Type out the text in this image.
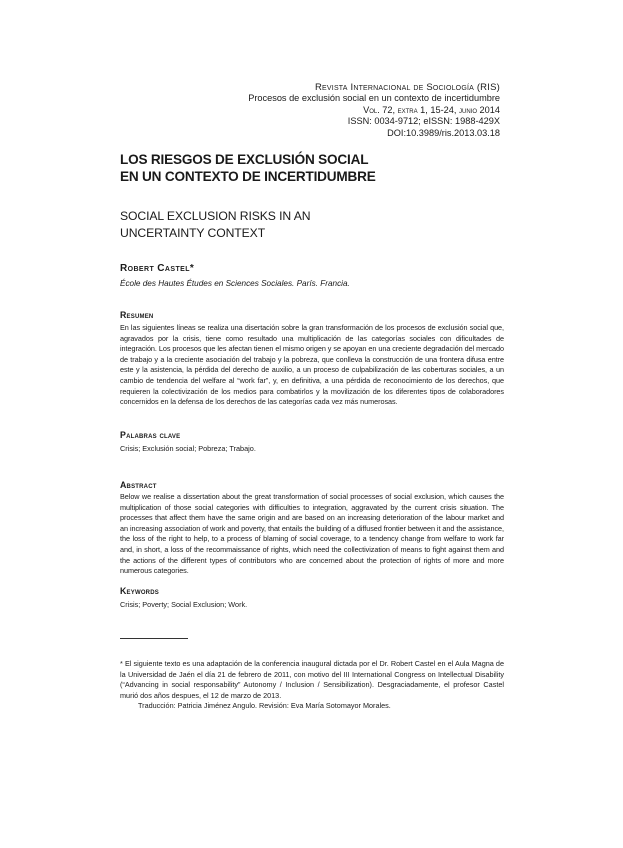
Revista Internacional de Sociología (RIS)
Procesos de exclusión social en un contexto de incertidumbre
Vol. 72, extra 1, 15-24, junio 2014
ISSN: 0034-9712; eISSN: 1988-429X
DOI:10.3989/ris.2013.03.18
LOS RIESGOS DE EXCLUSIÓN SOCIAL
EN UN CONTEXTO DE INCERTIDUMBRE
SOCIAL EXCLUSION RISKS IN AN
UNCERTAINTY CONTEXT
Robert Castel*
École des Hautes Études en Sciences Sociales. París. Francia.
Resumen
En las siguientes líneas se realiza una disertación sobre la gran transformación de los procesos de exclusión social que, agravados por la crisis, tiene como resultado una multiplicación de las categorías sociales con dificultades de integración. Los procesos que les afectan tienen el mismo origen y se apoyan en una creciente degradación del mercado de trabajo y a la creciente asociación del trabajo y la pobreza, que conlleva la construcción de una frontera difusa entre este y la asistencia, la pérdida del derecho de auxilio, a un proceso de culpabilización de las coberturas sociales, a un cambio de tendencia del welfare al “work far”, y, en definitiva, a una pérdida de reconocimiento de los derechos, que requieren la colectivización de los medios para combatirlos y la movilización de los diferentes tipos de colaboradores concernidos en la defensa de los derechos de las categorías cada vez más numerosas.
Palabras clave
Crisis; Exclusión social; Pobreza; Trabajo.
Abstract
Below we realise a dissertation about the great transformation of social processes of social exclusion, which causes the multiplication of those social categories with difficulties to integration, aggravated by the current crisis situation. The processes that affect them have the same origin and are based on an increasing deterioration of the labour market and an increasing association of work and poverty, that entails the building of a diffused frontier between it and the assistance, the loss of the right to help, to a process of blaming of social coverage, to a tendency change from welfare to work far and, in short, a loss of the recommaissance of rights, which need the collectivization of means to fight against them and the actions of the different types of contributors who are concerned about the protection of rights of more and more numerous categories.
Keywords
Crisis; Poverty; Social Exclusion; Work.

* El siguiente texto es una adaptación de la conferencia inaugural dictada por el Dr. Robert Castel en el Aula Magna de la Universidad de Jaén el día 21 de febrero de 2011, con motivo del III International Congress on Intellectual Disability (“Advancing in social responsability” Autonomy / Inclusion / Sensibilization). Desgraciadamente, el profesor Castel murió dos años despues, el 12 de marzo de 2013.

Traducción: Patricia Jiménez Angulo. Revisión: Eva María Sotomayor Morales.
